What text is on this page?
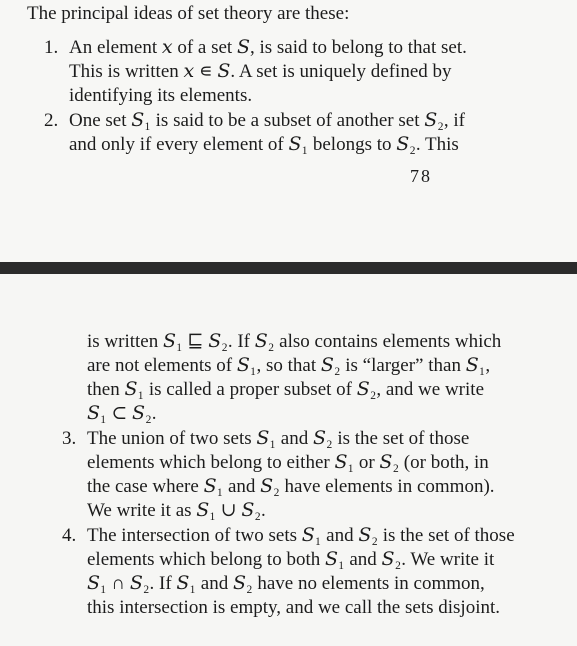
The principal ideas of set theory are these:
1. An element 𝑥 of a set 𝑆, is said to belong to that set.
This is written 𝑥 ∊ 𝑆. A set is uniquely defined by
identifying its elements.
2. One set 𝑆₁ is said to be a subset of another set 𝑆₂, if
and only if every element of 𝑆₁ belongs to 𝑆₂. This
78
is written 𝑆₁ ⊑ 𝑆₂. If 𝑆₂ also contains elements which
are not elements of 𝑆₁, so that 𝑆₂ is “larger” than 𝑆₁,
then 𝑆₁ is called a proper subset of 𝑆₂, and we write
𝑆₁ ⊂ 𝑆₂.
3. The union of two sets 𝑆₁ and 𝑆₂ is the set of those
elements which belong to either 𝑆₁ or 𝑆₂ (or both, in
the case where 𝑆₁ and 𝑆₂ have elements in common).
We write it as 𝑆₁ ∪ 𝑆₂.
4. The intersection of two sets 𝑆₁ and 𝑆₂ is the set of those
elements which belong to both 𝑆₁ and 𝑆₂. We write it
𝑆₁ ∩ 𝑆₂. If 𝑆₁ and 𝑆₂ have no elements in common,
this intersection is empty, and we call the sets disjoint.
